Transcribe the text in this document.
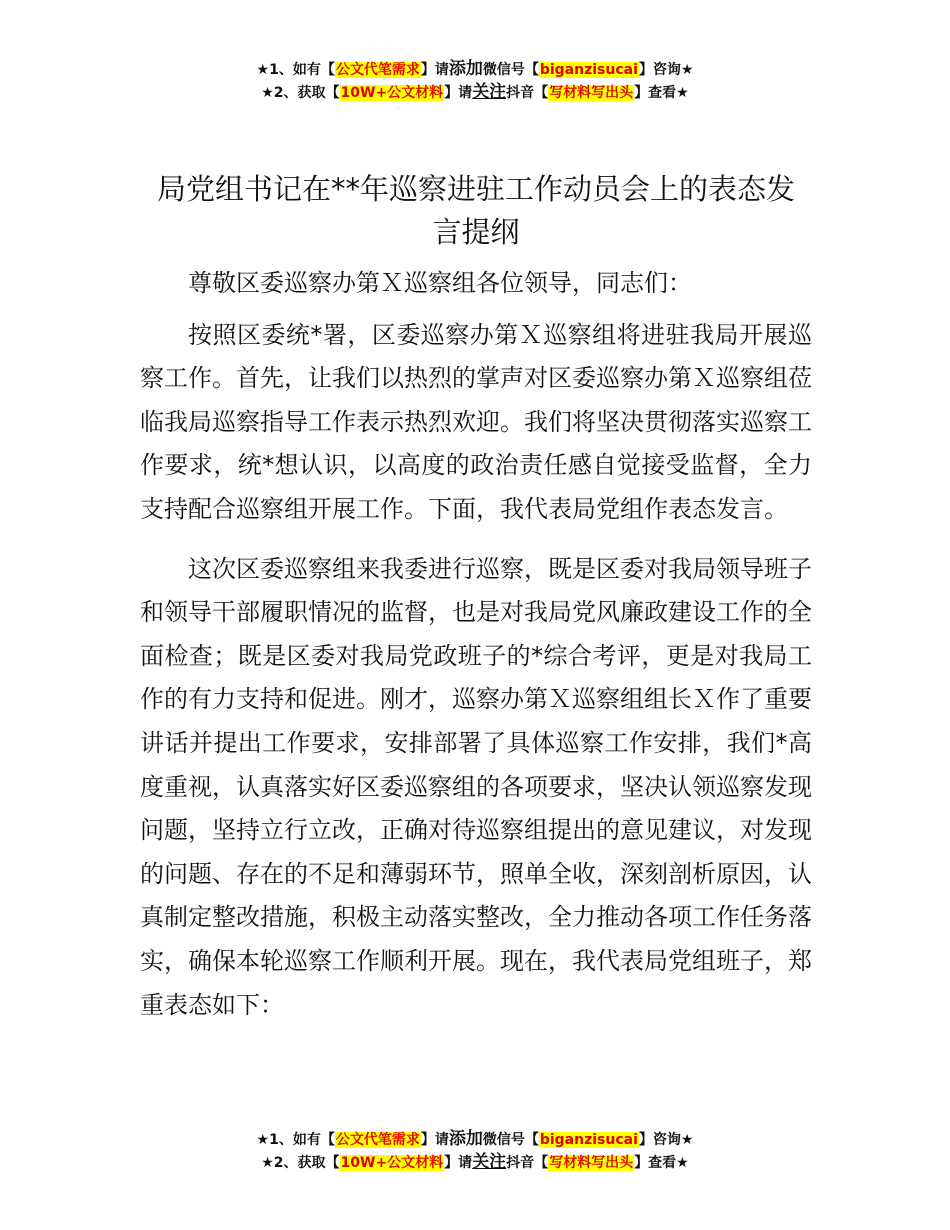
★1、如有【公文代笔需求】请添加微信号【biganzisucai】咨询★
★2、获取【10W+公文材料】请关注抖音【写材料写出头】查看★
局党组书记在**年巡察进驻工作动员会上的表态发言提纲

尊敬区委巡察办第Ｘ巡察组各位领导，同志们：

按照区委统*署，区委巡察办第Ｘ巡察组将进驻我局开展巡察工作。首先，让我们以热烈的掌声对区委巡察办第Ｘ巡察组莅临我局巡察指导工作表示热烈欢迎。我们将坚决贯彻落实巡察工作要求，统*想认识，以高度的政治责任感自觉接受监督，全力支持配合巡察组开展工作。下面，我代表局党组作表态发言。

这次区委巡察组来我委进行巡察，既是区委对我局领导班子和领导干部履职情况的监督，也是对我局党风廉政建设工作的全面检查；既是区委对我局党政班子的*综合考评，更是对我局工作的有力支持和促进。刚才，巡察办第Ｘ巡察组组长Ｘ作了重要讲话并提出工作要求，安排部署了具体巡察工作安排，我们*高度重视，认真落实好区委巡察组的各项要求，坚决认领巡察发现问题，坚持立行立改，正确对待巡察组提出的意见建议，对发现的问题、存在的不足和薄弱环节，照单全收，深刻剖析原因，认真制定整改措施，积极主动落实整改，全力推动各项工作任务落实，确保本轮巡察工作顺利开展。现在，我代表局党组班子，郑重表态如下：

★1、如有【公文代笔需求】请添加微信号【biganzisucai】咨询★
★2、获取【10W+公文材料】请关注抖音【写材料写出头】查看★
